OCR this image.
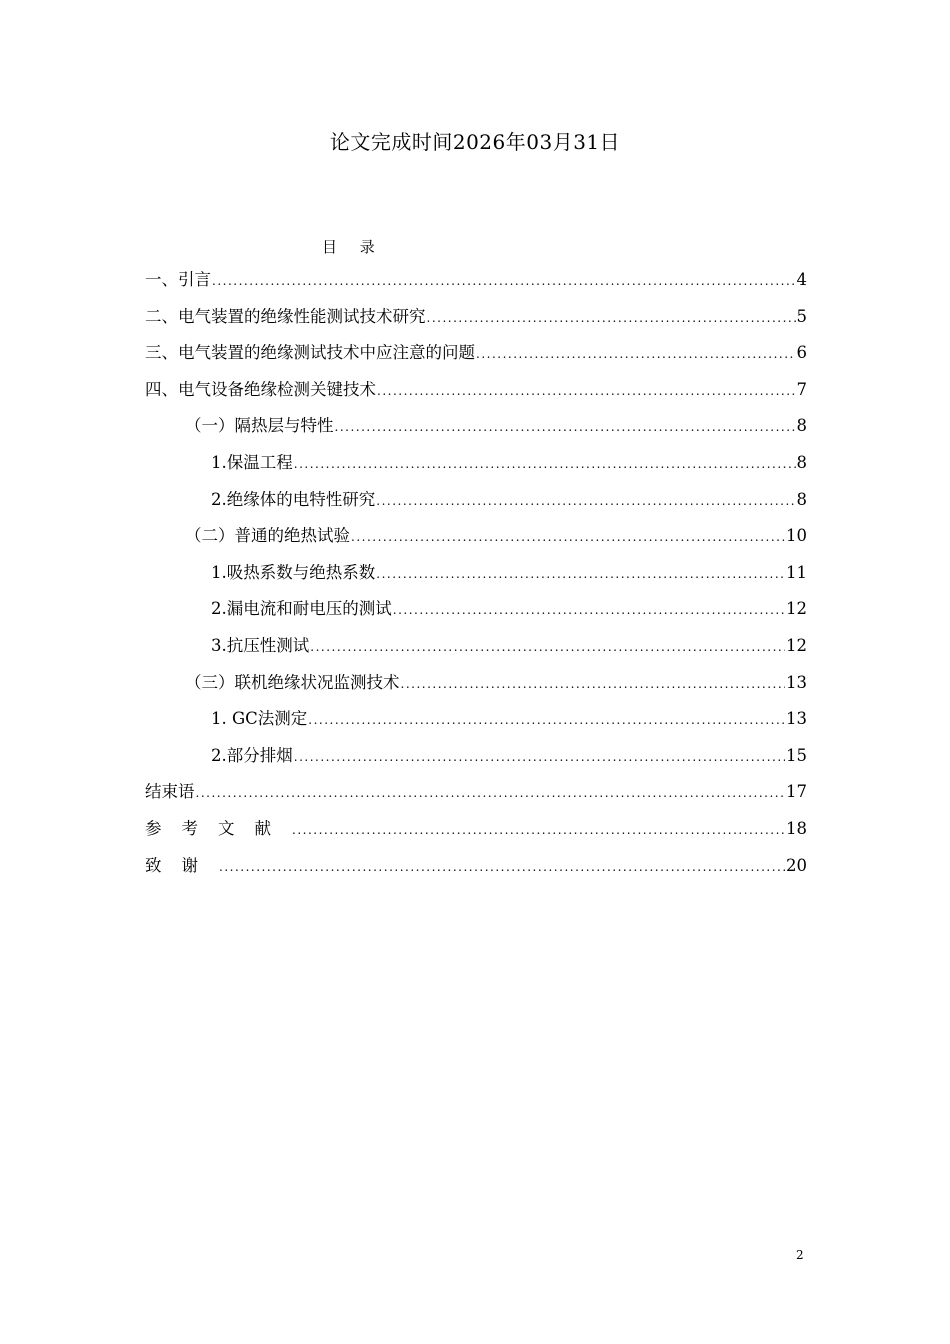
论文完成时间2026年03月31日
目 录
一、引言 .....	4
二、电气装置的绝缘性能测试技术研究 .....	5
三、电气装置的绝缘测试技术中应注意的问题 .....	6
四、电气设备绝缘检测关键技术 .....	7
（一）隔热层与特性 .....	8
1.保温工程 .....	8
2.绝缘体的电特性研究 .....	8
（二）普通的绝热试验 .....	10
1.吸热系数与绝热系数 .....	11
2.漏电流和耐电压的测试 .....	12
3.抗压性测试 .....	12
（三）联机绝缘状况监测技术 .....	13
1. GC法测定 .....	13
2.部分排烟 .....	15
结束语 .....	17
参考文献 .....	18
致谢 .....	20
2
